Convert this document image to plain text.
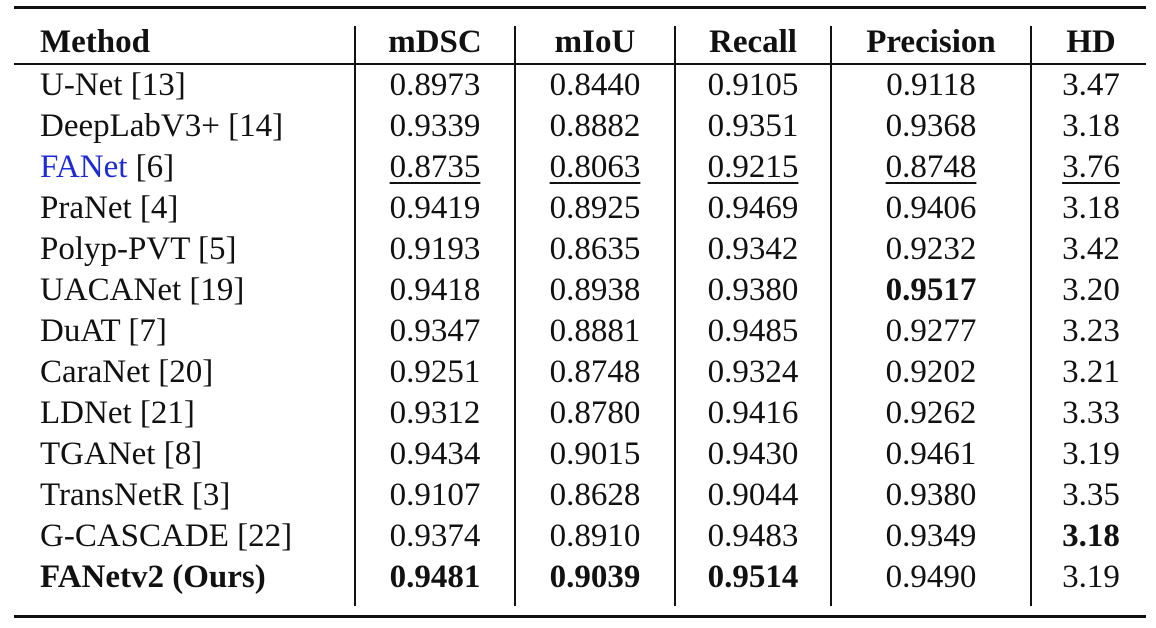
Method	mDSC	mIoU	Recall	Precision	HD
U-Net [13]	0.8973	0.8440	0.9105	0.9118	3.47
DeepLabV3+ [14]	0.9339	0.8882	0.9351	0.9368	3.18
FANet [6]	0.8735	0.8063	0.9215	0.8748	3.76
PraNet [4]	0.9419	0.8925	0.9469	0.9406	3.18
Polyp-PVT [5]	0.9193	0.8635	0.9342	0.9232	3.42
UACANet [19]	0.9418	0.8938	0.9380	0.9517	3.20
DuAT [7]	0.9347	0.8881	0.9485	0.9277	3.23
CaraNet [20]	0.9251	0.8748	0.9324	0.9202	3.21
LDNet [21]	0.9312	0.8780	0.9416	0.9262	3.33
TGANet [8]	0.9434	0.9015	0.9430	0.9461	3.19
TransNetR [3]	0.9107	0.8628	0.9044	0.9380	3.35
G-CASCADE [22]	0.9374	0.8910	0.9483	0.9349	3.18
FANetv2 (Ours)	0.9481	0.9039	0.9514	0.9490	3.19
